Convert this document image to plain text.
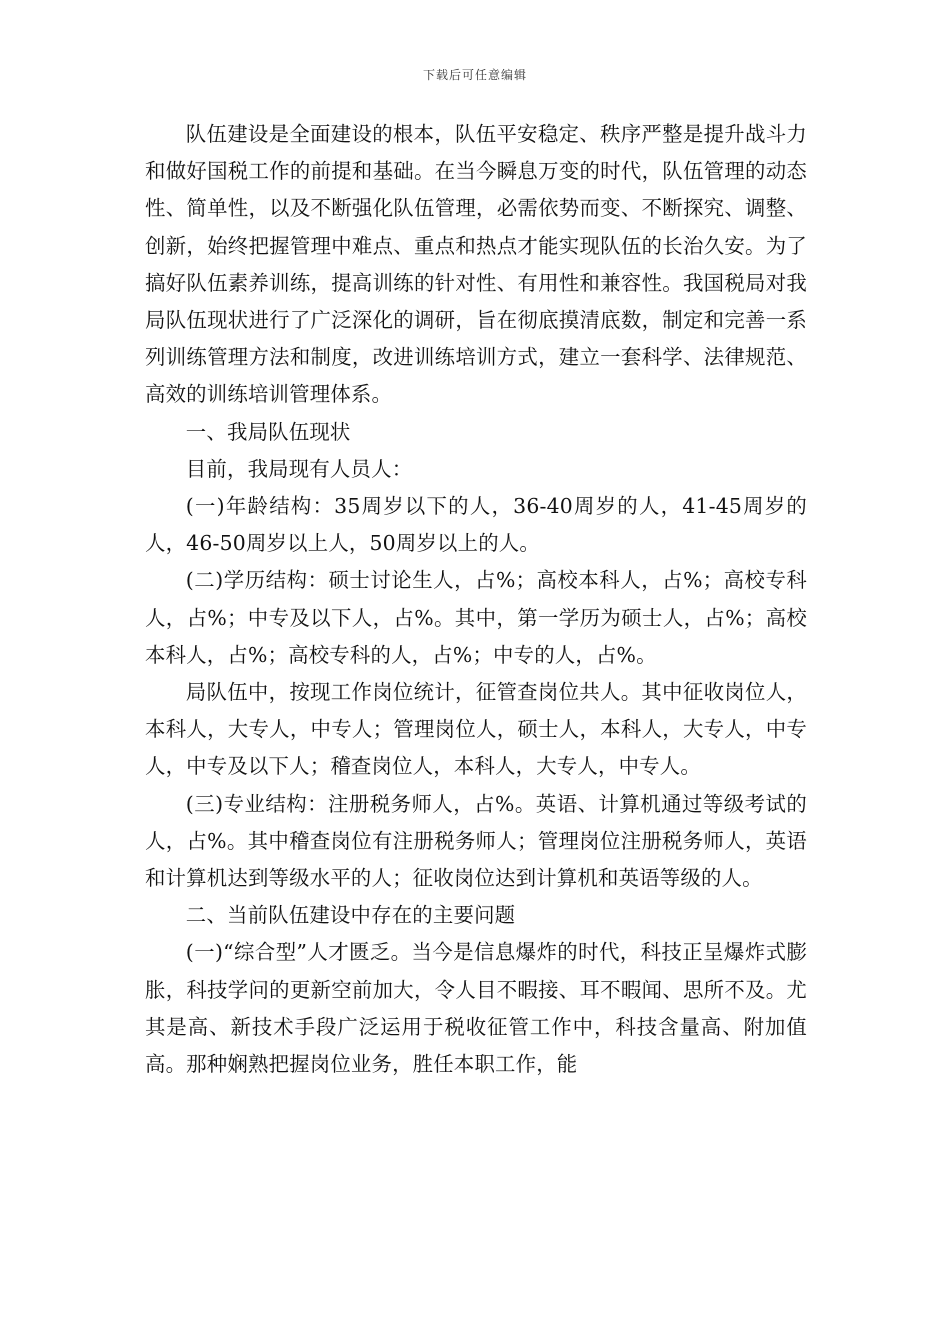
下载后可任意编辑

队伍建设是全面建设的根本，队伍平安稳定、秩序严整是提升战斗力和做好国税工作的前提和基础。在当今瞬息万变的时代，队伍管理的动态性、简单性，以及不断强化队伍管理，必需依势而变、不断探究、调整、创新，始终把握管理中难点、重点和热点才能实现队伍的长治久安。为了搞好队伍素养训练，提高训练的针对性、有用性和兼容性。我国税局对我局队伍现状进行了广泛深化的调研，旨在彻底摸清底数，制定和完善一系列训练管理方法和制度，改进训练培训方式，建立一套科学、法律规范、高效的训练培训管理体系。

一、我局队伍现状

目前，我局现有人员人：

(一)年龄结构：35周岁以下的人，36-40周岁的人，41-45周岁的人，46-50周岁以上人，50周岁以上的人。

(二)学历结构：硕士讨论生人，占%；高校本科人，占%；高校专科人，占%；中专及以下人，占%。其中，第一学历为硕士人，占%；高校本科人，占%；高校专科的人，占%；中专的人，占%。

局队伍中，按现工作岗位统计，征管查岗位共人。其中征收岗位人，本科人，大专人，中专人；管理岗位人，硕士人，本科人，大专人，中专人，中专及以下人；稽查岗位人，本科人，大专人，中专人。

(三)专业结构：注册税务师人，占%。英语、计算机通过等级考试的人，占%。其中稽查岗位有注册税务师人；管理岗位注册税务师人，英语和计算机达到等级水平的人；征收岗位达到计算机和英语等级的人。

二、当前队伍建设中存在的主要问题

(一)“综合型”人才匮乏。当今是信息爆炸的时代，科技正呈爆炸式膨胀，科技学问的更新空前加大，令人目不暇接、耳不暇闻、思所不及。尤其是高、新技术手段广泛运用于税收征管工作中，科技含量高、附加值高。那种娴熟把握岗位业务，胜任本职工作，能
